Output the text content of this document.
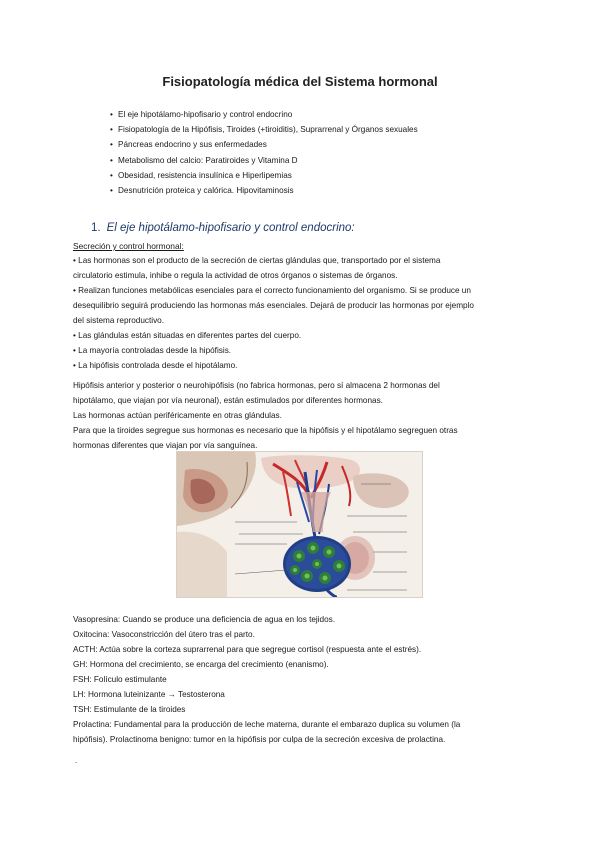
Fisiopatología médica del Sistema hormonal
• El eje hipotálamo-hipofisario y control endocrino
• Fisiopatología de la Hipófisis, Tiroides (+tiroiditis), Suprarrenal y Órganos sexuales
• Páncreas endocrino y sus enfermedades
• Metabolismo del calcio: Paratiroides y Vitamina D
• Obesidad, resistencia insulínica e Hiperlipemias
• Desnutrición proteica y calórica. Hipovitaminosis
1. El eje hipotálamo-hipofisario y control endocrino:
Secreción y control hormonal:

• Las hormonas son el producto de la secreción de ciertas glándulas que, transportado por el sistema

circulatorio estimula, inhibe o regula la actividad de otros órganos o sistemas de órganos.

• Realizan funciones metabólicas esenciales para el correcto funcionamiento del organismo. Si se produce un

desequilibrio seguirá produciendo las hormonas más esenciales. Dejará de producir las hormonas por ejemplo

del sistema reproductivo.

• Las glándulas están situadas en diferentes partes del cuerpo.

• La mayoría controladas desde la hipófisis.

• La hipófisis controlada desde el hipotálamo.

Hipófisis anterior y posterior o neurohipófisis (no fabrica hormonas, pero sí almacena 2 hormonas del

hipotálamo, que viajan por vía neuronal), están estimulados por diferentes hormonas.

Las hormonas actúan periféricamente en otras glándulas.

Para que la tiroides segregue sus hormonas es necesario que la hipófisis y el hipotálamo segreguen otras

hormonas diferentes que viajan por vía sanguínea.

Vasopresina: Cuando se produce una deficiencia de agua en los tejidos.

Oxitocina: Vasoconstricción del útero tras el parto.

ACTH: Actúa sobre la corteza suprarrenal para que segregue cortisol (respuesta ante el estrés).

GH: Hormona del crecimiento, se encarga del crecimiento (enanismo).

FSH: Folículo estimulante

LH: Hormona luteinizante → Testosterona

TSH: Estimulante de la tiroides

Prolactina: Fundamental para la producción de leche materna, durante el embarazo duplica su volumen (la

hipófisis). Prolactinoma benigno: tumor en la hipófisis por culpa de la secreción excesiva de prolactina.

.
